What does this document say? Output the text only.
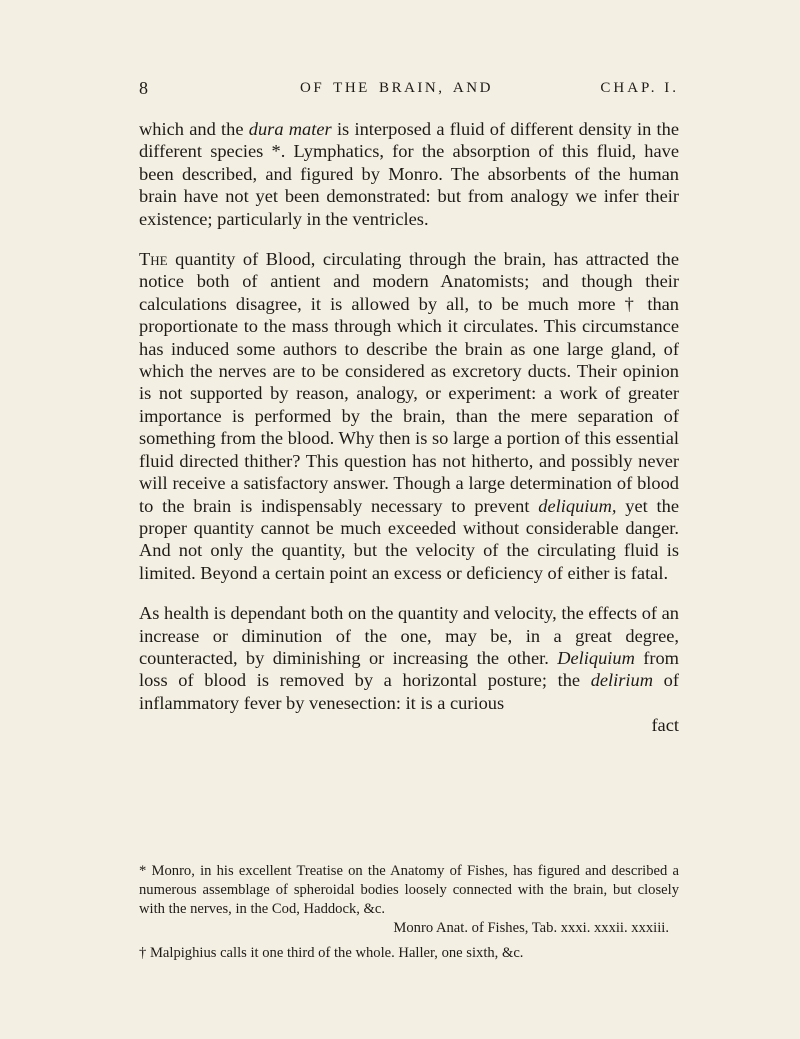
8	OF THE BRAIN, AND	CHAP. I.

which and the dura mater is interposed a fluid of different density in the different species *. Lymphatics, for the absorption of this fluid, have been described, and figured by Monro. The absorbents of the human brain have not yet been demonstrated: but from analogy we infer their existence; particularly in the ventricles.

The quantity of Blood, circulating through the brain, has attracted the notice both of antient and modern Anatomists; and though their calculations disagree, it is allowed by all, to be much more † than proportionate to the mass through which it circulates. This circumstance has induced some authors to describe the brain as one large gland, of which the nerves are to be considered as excretory ducts. Their opinion is not supported by reason, analogy, or experiment: a work of greater importance is performed by the brain, than the mere separation of something from the blood. Why then is so large a portion of this essential fluid directed thither? This question has not hitherto, and possibly never will receive a satisfactory answer. Though a large determination of blood to the brain is indispensably necessary to prevent deliquium, yet the proper quantity cannot be much exceeded without considerable danger. And not only the quantity, but the velocity of the circulating fluid is limited. Beyond a certain point an excess or deficiency of either is fatal.

As health is dependant both on the quantity and velocity, the effects of an increase or diminution of the one, may be, in a great degree, counteracted, by diminishing or increasing the other. Deliquium from loss of blood is removed by a horizontal posture; the delirium of inflammatory fever by venesection: it is a curious

fact

* Monro, in his excellent Treatise on the Anatomy of Fishes, has figured and described a numerous assemblage of spheroidal bodies loosely connected with the brain, but closely with the nerves, in the Cod, Haddock, &c.

Monro Anat. of Fishes, Tab. xxxi. xxxii. xxxiii.

† Malpighius calls it one third of the whole. Haller, one sixth, &c.
